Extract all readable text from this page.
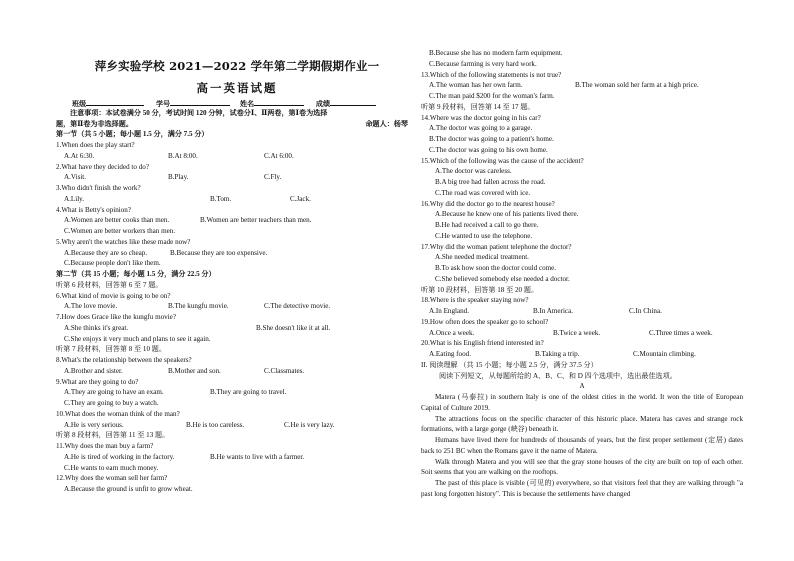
萍乡实验学校 2021—2022 学年第二学期假期作业一
高一英语试题
班级	学号	姓名	成绩
注意事项：本试卷满分 50 分，考试时间 120 分钟，试卷分Ⅰ、Ⅱ两卷，第Ⅰ卷为选择
题，第Ⅱ卷为非选择题。	命题人：杨琴
第一节（共 5 小题；每小题 1.5 分，满分 7.5 分）
1.When does the play start?
A.At 6:30.	B.At 8:00.	C.At 6:00.
2.What have they decided to do?
A.Visit.	B.Play.	C.Fly.
3.Who didn't finish the work?
A.Lily.	B.Tom.	C.Jack.
4.What is Betty's opinion?
A.Women are better cooks than men.	B.Women are better teachers than men.
C.Women are better workers than men.
5.Why aren't the watches like these made now?
A.Because they are so cheap.	B.Because they are too expensive.
C.Because people don't like them.
第二节（共 15 小题；每小题 1.5 分，满分 22.5 分）
听第 6 段材料，回答第 6 至 7 题。
6.What kind of movie is going to be on?
A.The love movie.	B.The kungfu movie.	C.The detective movie.
7.How does Grace like the kungfu movie?
A.She thinks it's great.	B.She doesn't like it at all.
C.She enjoys it very much and plans to see it again.
听第 7 段材料，回答第 8 至 10 题。
8.What's the relationship between the speakers?
A.Brother and sister.	B.Mother and son.	C.Classmates.
9.What are they going to do?
A.They are going to have an exam.	B.They are going to travel.
C.They are going to buy a watch.
10.What does the woman think of the man?
A.He is very serious.	B.He is too careless.	C.He is very lazy.
听第 8 段材料，回答第 11 至 13 题。
11.Why does the man buy a farm?
A.He is tired of working in the factory.	B.He wants to live with a farmer.
C.He wants to earn much money.
12.Why does the woman sell her farm?
A.Because the ground is unfit to grow wheat.
B.Because she has no modern farm equipment.
C.Because farming is very hard work.
13.Which of the following statements is not true?
A.The woman has her own farm.	B.The woman sold her farm at a high price.
C.The man paid $200 for the woman's farm.
听第 9 段材料，回答第 14 至 17 题。
14.Where was the doctor going in his car?
A.The doctor was going to a garage.
B.The doctor was going to a patient's home.
C.The doctor was going to his own home.
15.Which of the following was the cause of the accident?
A.The doctor was careless.
B.A big tree had fallen across the road.
C.The road was covered with ice.
16.Why did the doctor go to the nearest house?
A.Because he knew one of his patients lived there.
B.He had received a call to go there.
C.He wanted to use the telephone.
17.Why did the woman patient telephone the doctor?
A.She needed medical treatment.
B.To ask how soon the doctor could come.
C.She believed somebody else needed a doctor.
听第 10 段材料，回答第 18 至 20 题。
18.Where is the speaker staying now?
A.In England.	B.In America.	C.In China.
19.How often does the speaker go to school?
A.Once a week.	B.Twice a week.	C.Three times a week.
20.What is his English friend interested in?
A.Eating food.	B.Taking a trip.	C.Mountain climbing.
II. 阅读理解 （共 15 小题；每小题 2.5 分，满分 37.5 分）
阅读下列短文，从每题所给的 A、B、C、和 D 四个选项中，选出最佳选项。
A
Matera (马泰拉) in southern Italy is one of the oldest cities in the world. It won the title of European Capital of Culture 2019.
The attractions focus on the specific character of this historic place. Matera has caves and strange rock formations, with a large gorge (峡谷) beneath it.
Humans have lived there for hundreds of thousands of years, but the first proper settlement (定居) dates back to 251 BC when the Romans gave it the name of Matera.
Walk through Matera and you will see that the gray stone houses of the city are built on top of each other. Soit seems that you are walking on the rooftops.
The past of this place is visible (可见的) everywhere, so that visitors feel that they are walking through "a past long forgotten history". This is because the settlements have changed
